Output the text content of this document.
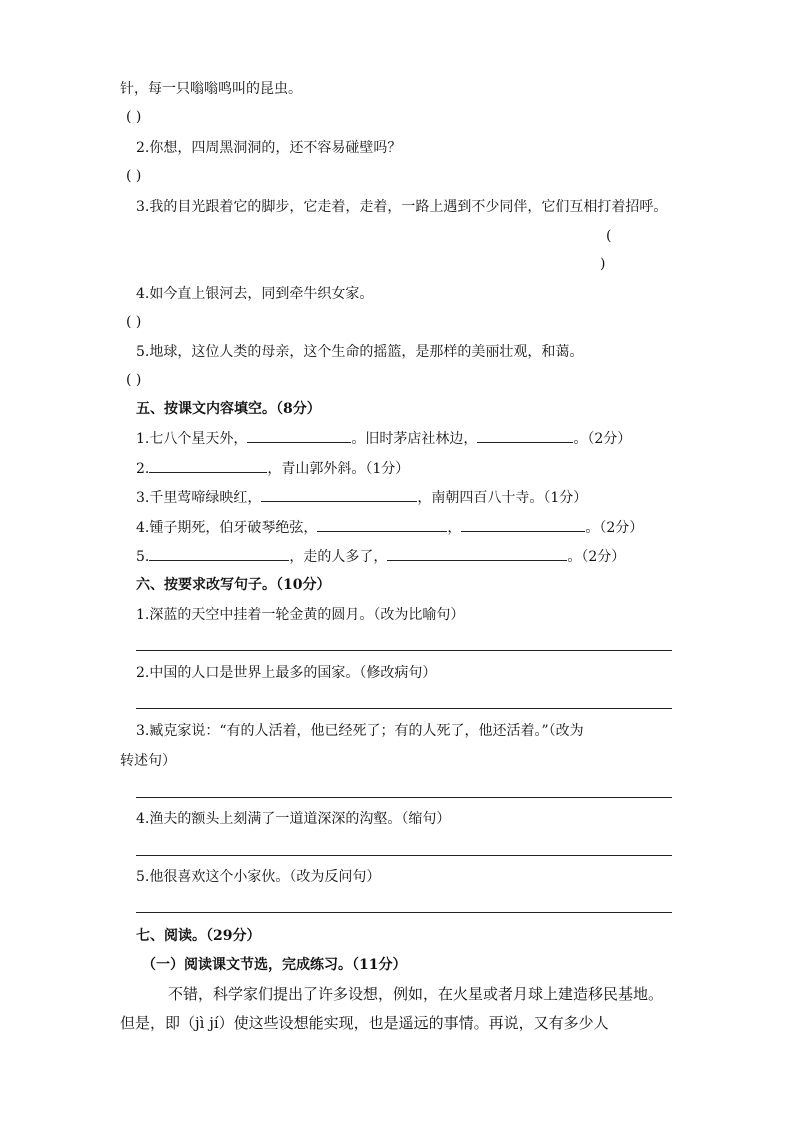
针，每一只嗡嗡鸣叫的昆虫。
( )
2.你想，四周黑洞洞的，还不容易碰壁吗？
( )
3.我的目光跟着它的脚步，它走着，走着，一路上遇到不少同伴，它们互相打着招呼。
(
)
4.如今直上银河去，同到牵牛织女家。
( )
5.地球，这位人类的母亲，这个生命的摇篮，是那样的美丽壮观，和蔼。
( )
五、按课文内容填空。（8分）
1.七八个星天外，	。旧时茅店社林边，	。（2分）
2.	，青山郭外斜。（1分）
3.千里莺啼绿映红，	，南朝四百八十寺。（1分）
4.锺子期死，伯牙破琴绝弦，	，	。（2分）
5.	，走的人多了，	。（2分）
六、按要求改写句子。（10分）
1.深蓝的天空中挂着一轮金黄的圆月。（改为比喻句）
2.中国的人口是世界上最多的国家。（修改病句）
3.臧克家说：“有的人活着，他已经死了；有的人死了，他还活着。”（改为
转述句）
4.渔夫的额头上刻满了一道道深深的沟壑。（缩句）
5.他很喜欢这个小家伙。（改为反问句）
七、阅读。（29分）
（一）阅读课文节选，完成练习。（11分）
不错，科学家们提出了许多设想，例如，在火星或者月球上建造移民基地。
但是，即（jì jí）使这些设想能实现，也是遥远的事情。再说，又有多少人
